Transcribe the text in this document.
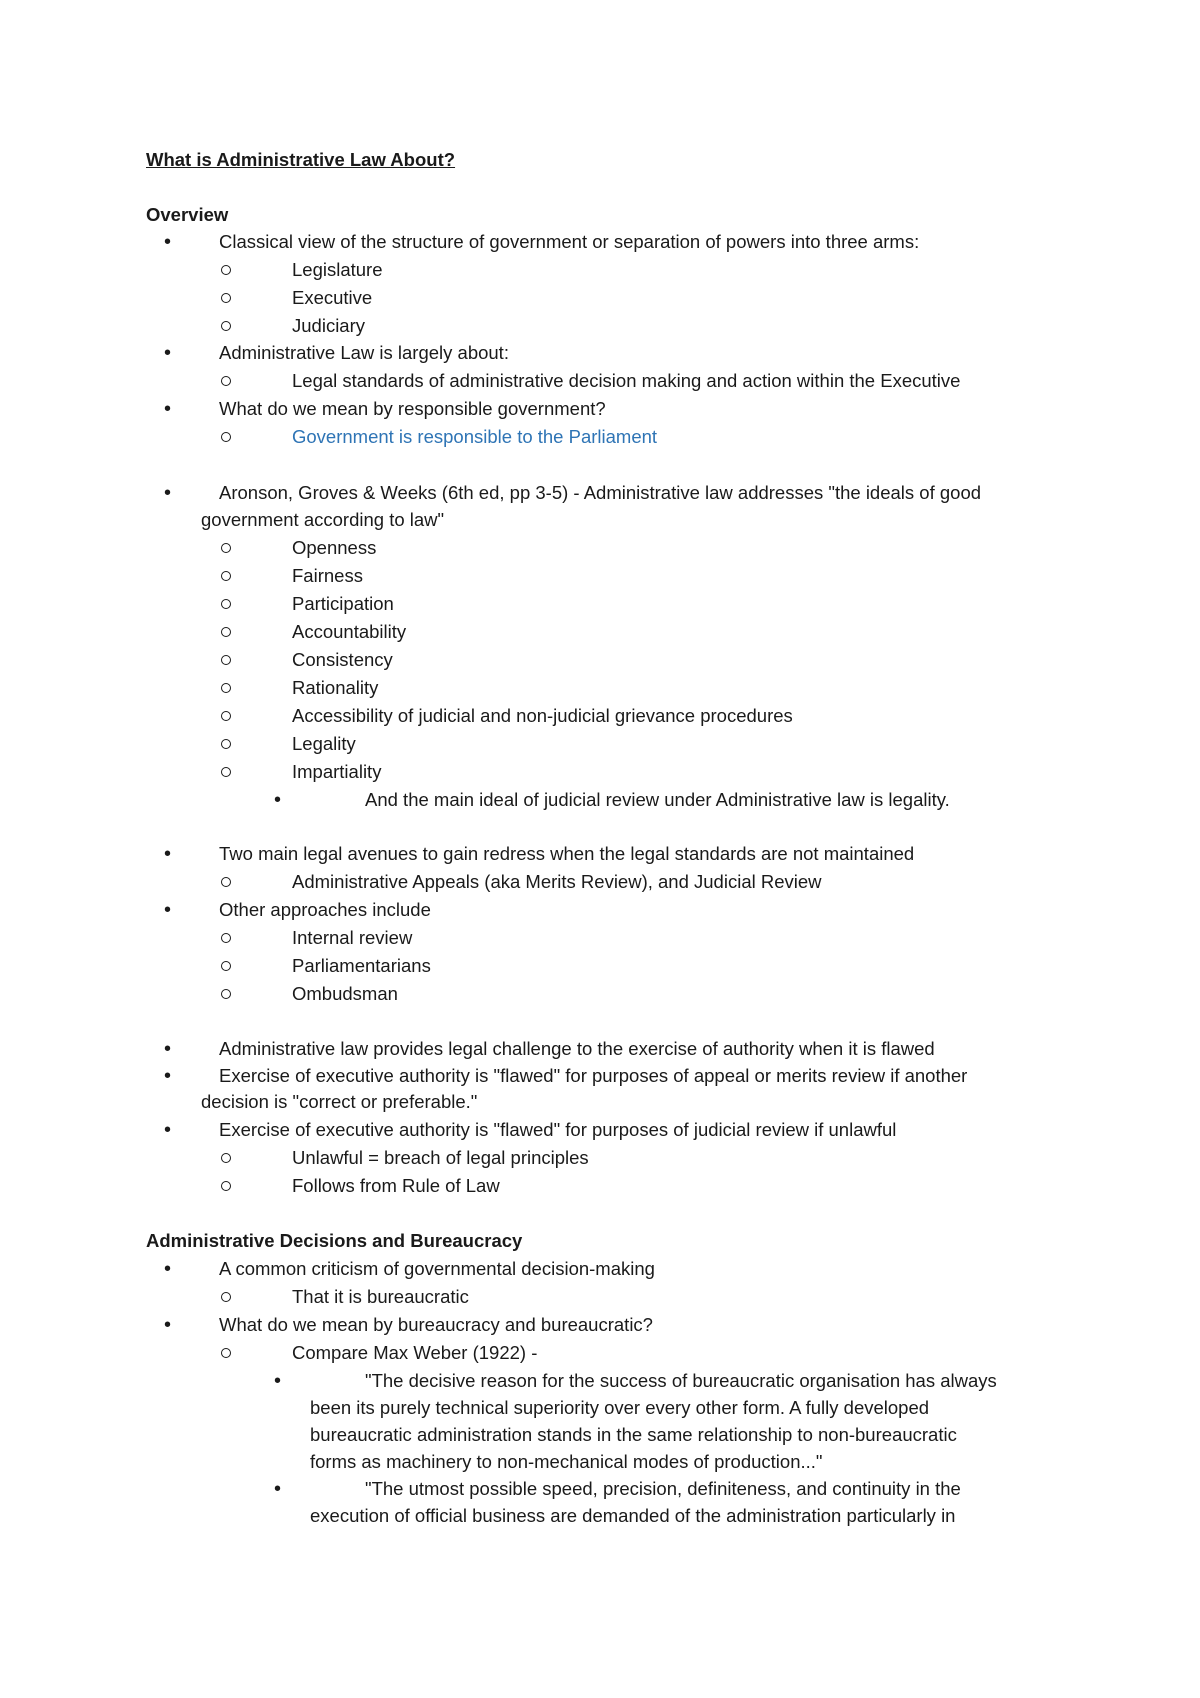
What is Administrative Law About?
Overview
•	Classical view of the structure of government or separation of powers into three arms:
Legislature
Executive
Judiciary
•	Administrative Law is largely about:
Legal standards of administrative decision making and action within the Executive
•	What do we mean by responsible government?
Government is responsible to the Parliament
•	Aronson, Groves & Weeks (6th ed, pp 3-5) - Administrative law addresses "the ideals of good
government according to law"
Openness
Fairness
Participation
Accountability
Consistency
Rationality
Accessibility of judicial and non-judicial grievance procedures
Legality
Impartiality
•	And the main ideal of judicial review under Administrative law is legality.
•	Two main legal avenues to gain redress when the legal standards are not maintained
Administrative Appeals (aka Merits Review), and Judicial Review
•	Other approaches include
Internal review
Parliamentarians
Ombudsman
•	Administrative law provides legal challenge to the exercise of authority when it is flawed
•	Exercise of executive authority is "flawed" for purposes of appeal or merits review if another
decision is "correct or preferable."
•	Exercise of executive authority is "flawed" for purposes of judicial review if unlawful
Unlawful = breach of legal principles
Follows from Rule of Law
Administrative Decisions and Bureaucracy
•	A common criticism of governmental decision-making
That it is bureaucratic
•	What do we mean by bureaucracy and bureaucratic?
Compare Max Weber (1922) -
•	"The decisive reason for the success of bureaucratic organisation has always
been its purely technical superiority over every other form. A fully developed
bureaucratic administration stands in the same relationship to non-bureaucratic
forms as machinery to non-mechanical modes of production..."
•	"The utmost possible speed, precision, definiteness, and continuity in the
execution of official business are demanded of the administration particularly in
